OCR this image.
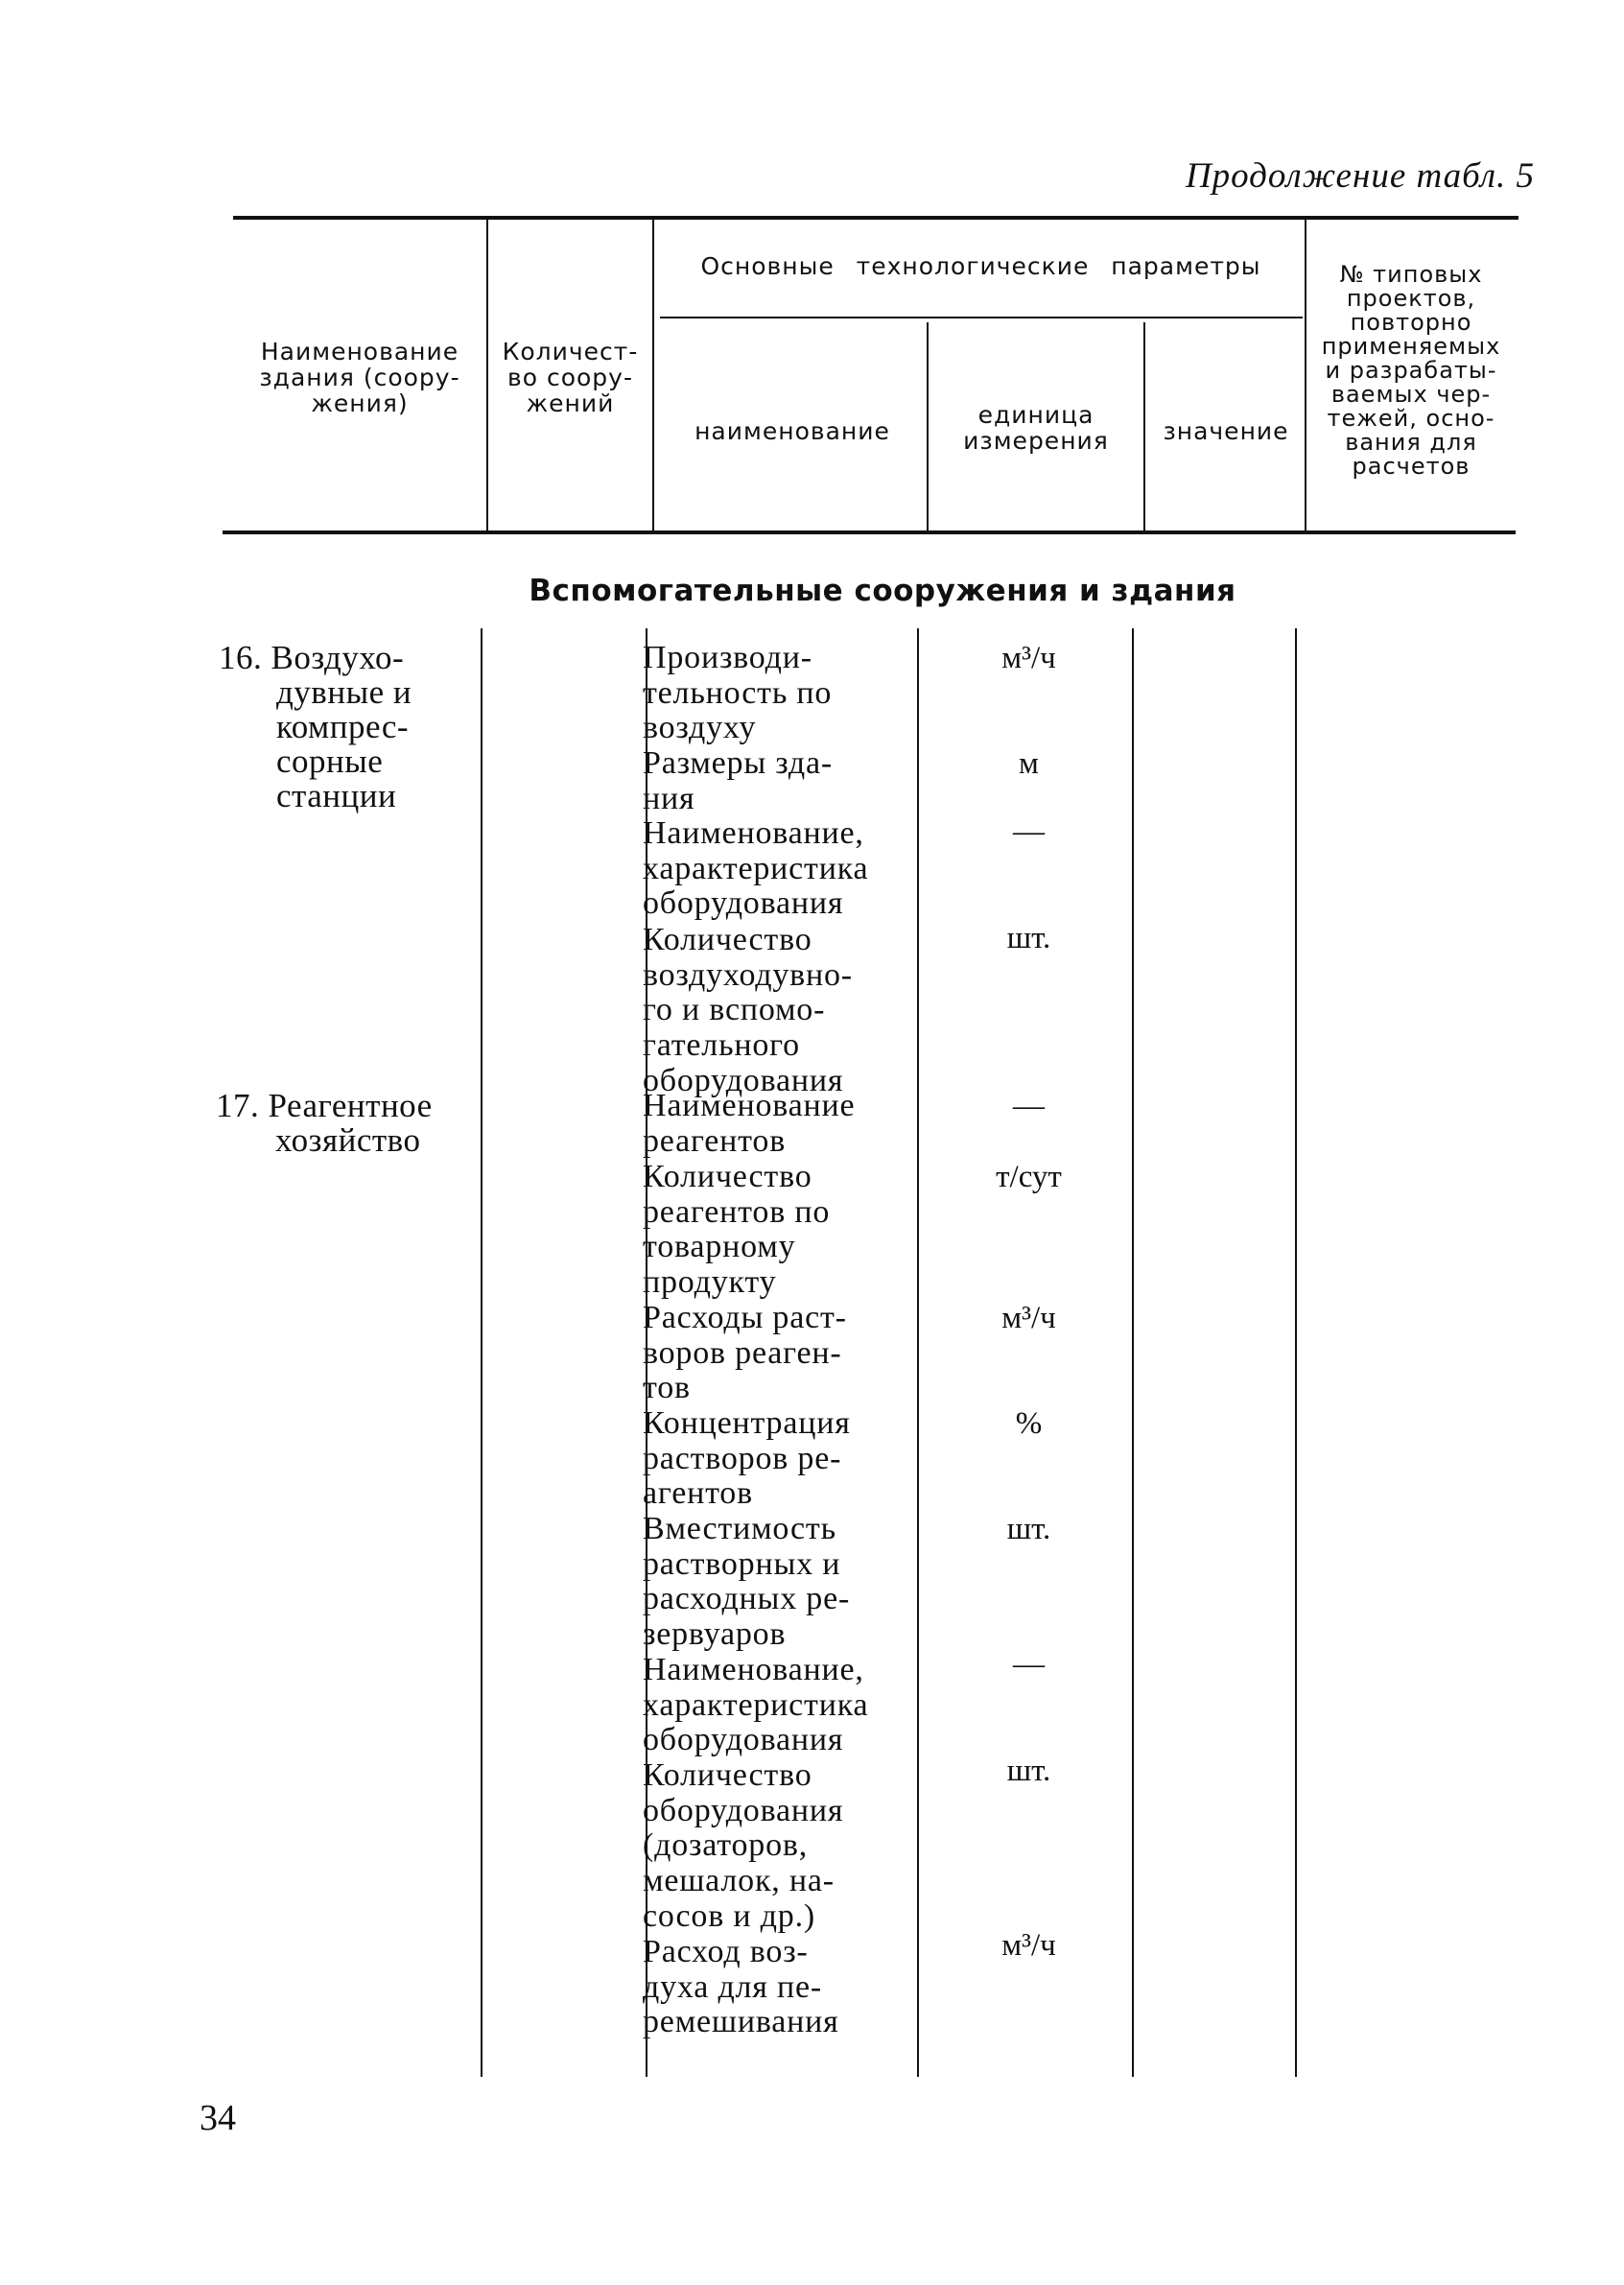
Продолжение табл. 5
Наименование
здания (соору-
жения)
Количест-
во соору-
жений
Основные технологические параметры
наименование
единица
измерения	значение
№ типовых
проектов,
повторно
применяемых
и разрабаты-
ваемых чер-
тежей, осно-
вания для
расчетов
Вспомогательные сооружения и здания
16. Воздухо-
дувные и
компрес-
сорные
станции
17. Реагентное
хозяйство
Производи-
тельность по
воздуху
м³/ч
Размеры зда-
ния
м
Наименование,
характеристика
оборудования
—
Количество
воздуходувно-
го и вспомо-
гательного
оборудования
шт.
Наименование
реагентов
—
Количество
реагентов по
товарному
продукту
т/сут
Расходы раст-
воров реаген-
тов
м³/ч
Концентрация
растворов ре-
агентов
%
Вместимость
растворных и
расходных ре-
зервуаров
шт.
Наименование,
характеристика
оборудования
—
Количество
оборудования
(дозаторов,
мешалок, на-
сосов и др.)
шт.
Расход воз-
духа для пе-
ремешивания
м³/ч
34
